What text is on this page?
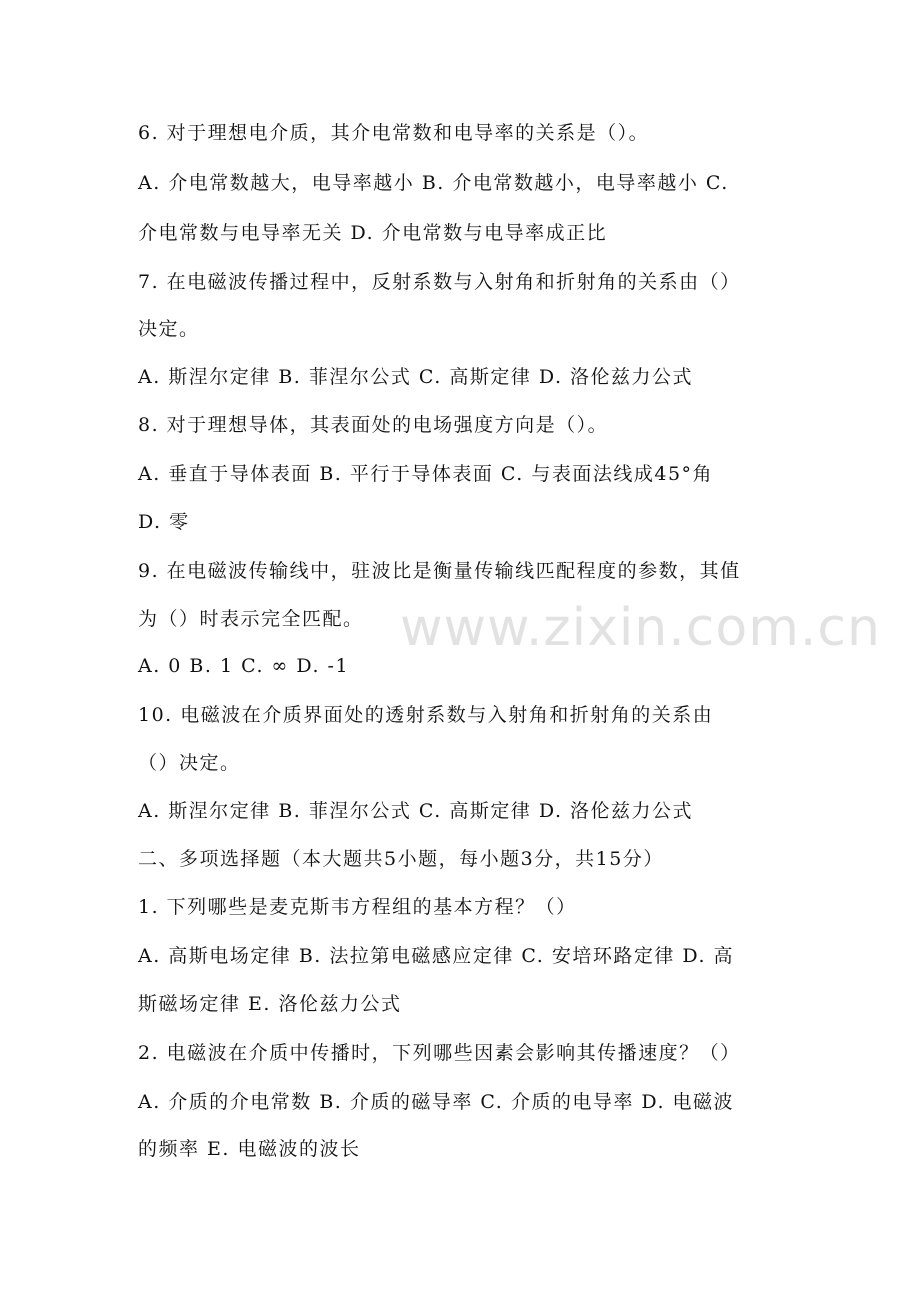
6. 对于理想电介质，其介电常数和电导率的关系是（）。
A. 介电常数越大，电导率越小 B. 介电常数越小，电导率越小 C.
介电常数与电导率无关 D. 介电常数与电导率成正比
7. 在电磁波传播过程中，反射系数与入射角和折射角的关系由（）
决定。
A. 斯涅尔定律 B. 菲涅尔公式 C. 高斯定律 D. 洛伦兹力公式
8. 对于理想导体，其表面处的电场强度方向是（）。
A. 垂直于导体表面 B. 平行于导体表面 C. 与表面法线成45°角
D. 零
9. 在电磁波传输线中，驻波比是衡量传输线匹配程度的参数，其值
为（）时表示完全匹配。
A. 0 B. 1 C. ∞ D. -1
10. 电磁波在介质界面处的透射系数与入射角和折射角的关系由
（）决定。
A. 斯涅尔定律 B. 菲涅尔公式 C. 高斯定律 D. 洛伦兹力公式
二、多项选择题（本大题共5小题，每小题3分，共15分）
1. 下列哪些是麦克斯韦方程组的基本方程？（）
A. 高斯电场定律 B. 法拉第电磁感应定律 C. 安培环路定律 D. 高
斯磁场定律 E. 洛伦兹力公式
2. 电磁波在介质中传播时，下列哪些因素会影响其传播速度？（）
A. 介质的介电常数 B. 介质的磁导率 C. 介质的电导率 D. 电磁波
的频率 E. 电磁波的波长
www.zixin.com.cn
